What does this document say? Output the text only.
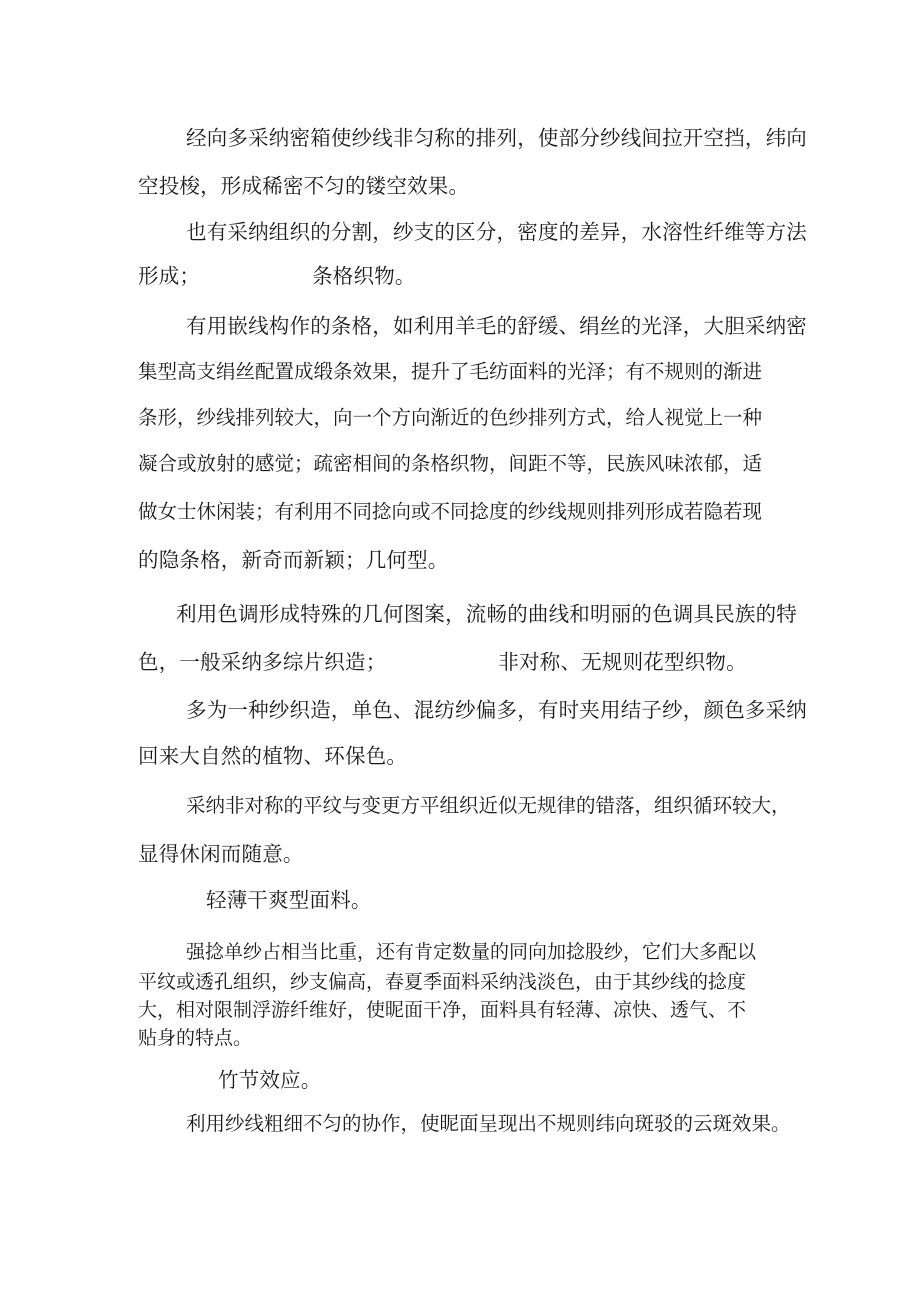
经向多采纳密箱使纱线非匀称的排列，使部分纱线间拉开空挡，纬向
空投梭，形成稀密不匀的镂空效果。
也有采纳组织的分割，纱支的区分，密度的差异，水溶性纤维等方法
形成；	条格织物。
有用嵌线构作的条格，如利用羊毛的舒缓、绢丝的光泽，大胆采纳密
集型高支绢丝配置成缎条效果，提升了毛纺面料的光泽；有不规则的渐进
条形，纱线排列较大，向一个方向渐近的色纱排列方式，给人视觉上一种
凝合或放射的感觉；疏密相间的条格织物，间距不等，民族风味浓郁，适
做女士休闲装；有利用不同捻向或不同捻度的纱线规则排列形成若隐若现
的隐条格，新奇而新颖；几何型。
利用色调形成特殊的几何图案，流畅的曲线和明丽的色调具民族的特
色，一般采纳多综片织造；	非对称、无规则花型织物。
多为一种纱织造，单色、混纺纱偏多，有时夹用结子纱，颜色多采纳
回来大自然的植物、环保色。
采纳非对称的平纹与变更方平组织近似无规律的错落，组织循环较大，
显得休闲而随意。
轻薄干爽型面料。
强捻单纱占相当比重，还有肯定数量的同向加捻股纱，它们大多配以
平纹或透孔组织，纱支偏高，春夏季面料采纳浅淡色，由于其纱线的捻度
大，相对限制浮游纤维好，使昵面干净，面料具有轻薄、凉快、透气、不
贴身的特点。
竹节效应。
利用纱线粗细不匀的协作，使昵面呈现出不规则纬向斑驳的云斑效果。
